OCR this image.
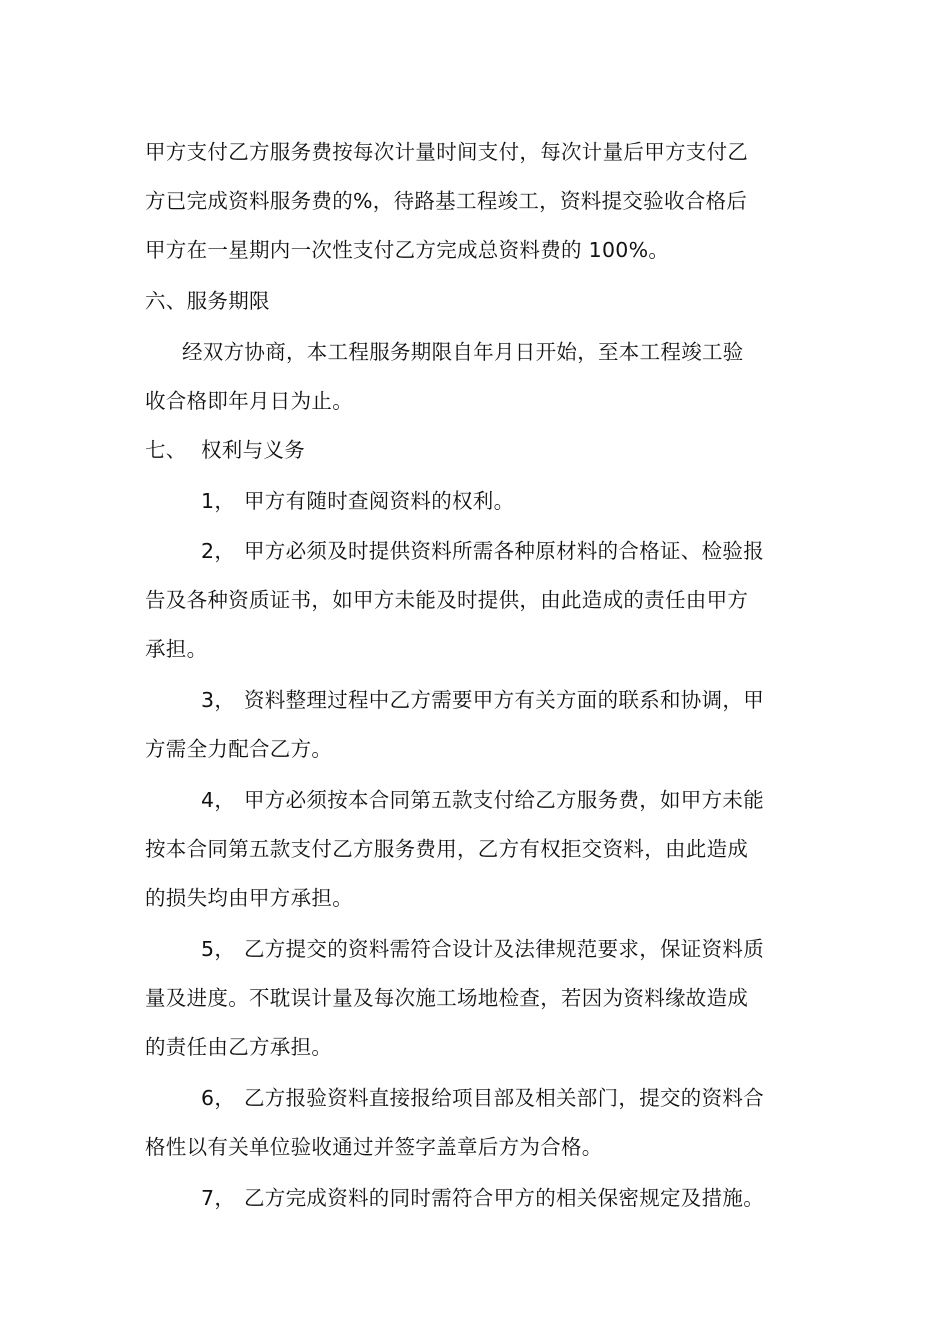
甲方支付乙方服务费按每次计量时间支付，每次计量后甲方支付乙
方已完成资料服务费的%，待路基工程竣工，资料提交验收合格后
甲方在一星期内一次性支付乙方完成总资料费的 100%。
六、服务期限
经双方协商，本工程服务期限自年月日开始，至本工程竣工验
收合格即年月日为止。
七、 权利与义务
1， 甲方有随时查阅资料的权利。
2， 甲方必须及时提供资料所需各种原材料的合格证、检验报
告及各种资质证书，如甲方未能及时提供，由此造成的责任由甲方
承担。
3， 资料整理过程中乙方需要甲方有关方面的联系和协调，甲
方需全力配合乙方。
4， 甲方必须按本合同第五款支付给乙方服务费，如甲方未能
按本合同第五款支付乙方服务费用，乙方有权拒交资料，由此造成
的损失均由甲方承担。
5， 乙方提交的资料需符合设计及法律规范要求，保证资料质
量及进度。不耽误计量及每次施工场地检查，若因为资料缘故造成
的责任由乙方承担。
6， 乙方报验资料直接报给项目部及相关部门，提交的资料合
格性以有关单位验收通过并签字盖章后方为合格。
7， 乙方完成资料的同时需符合甲方的相关保密规定及措施。
